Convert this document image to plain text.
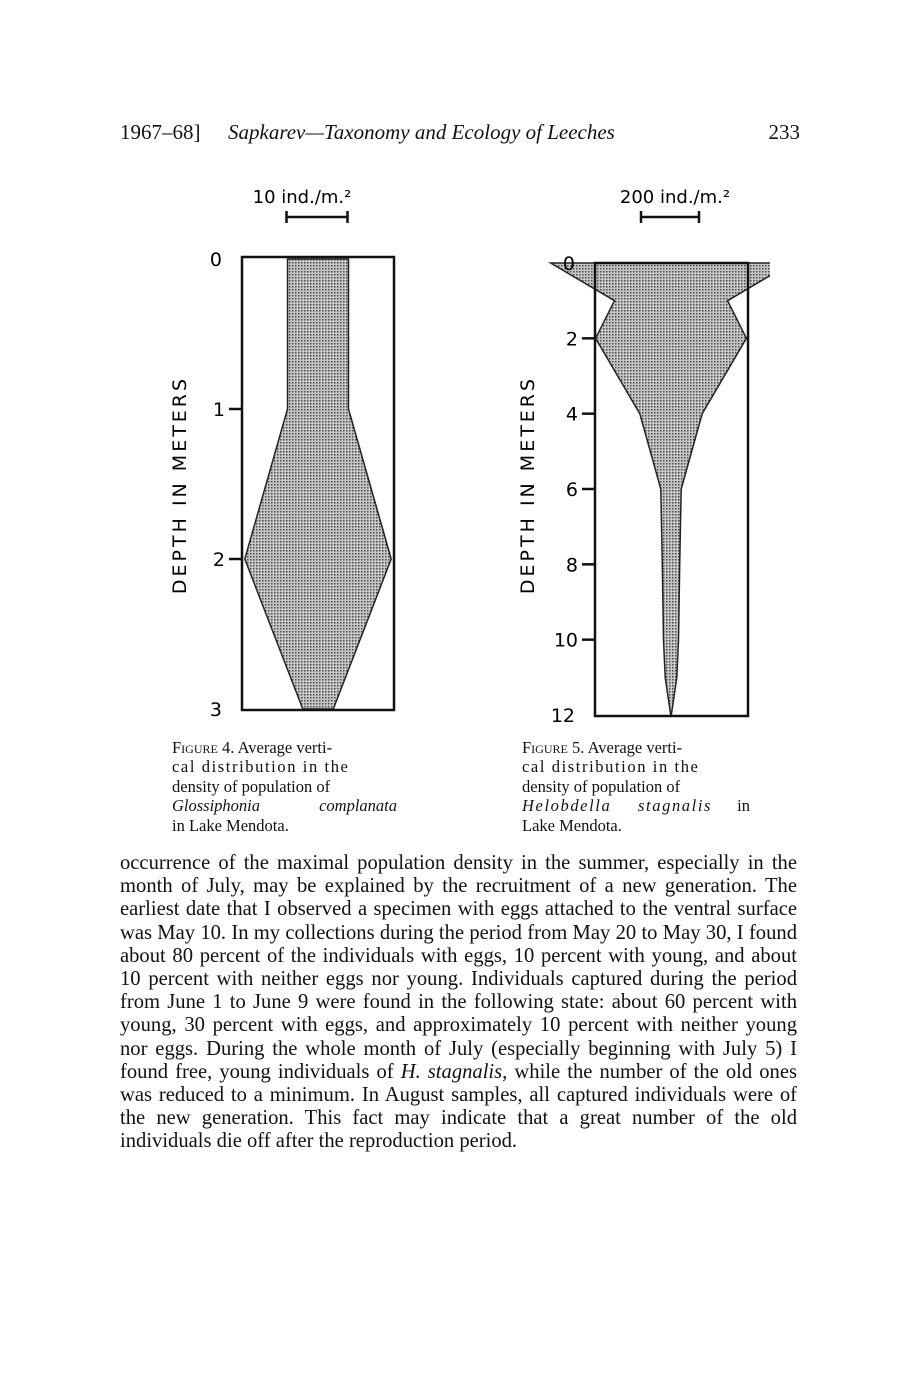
1967–68] Sapkarev—Taxonomy and Ecology of Leeches	233
10 ind./m.²
0
1
2
3
DEPTH IN METERS
200 ind./m.²
0
2
4
6
8
10
12
DEPTH IN METERS
Figure 4. Average verti-
cal distribution in the
density of population of
Glossiphonia complanata
in Lake Mendota.
Figure 5. Average verti-
cal distribution in the
density of population of
Helobdella stagnalis in
Lake Mendota.

occurrence of the maximal population density in the summer, especially in the month of July, may be explained by the recruitment of a new generation. The earliest date that I observed a specimen with eggs attached to the ventral surface was May 10. In my collections during the period from May 20 to May 30, I found about 80 percent of the individuals with eggs, 10 percent with young, and about 10 percent with neither eggs nor young. Individuals captured during the period from June 1 to June 9 were found in the following state: about 60 percent with young, 30 percent with eggs, and approximately 10 percent with neither young nor eggs. During the whole month of July (especially beginning with July 5) I found free, young individuals of H. stagnalis, while the number of the old ones was reduced to a minimum. In August samples, all captured individuals were of the new generation. This fact may indicate that a great number of the old individuals die off after the reproduction period.
